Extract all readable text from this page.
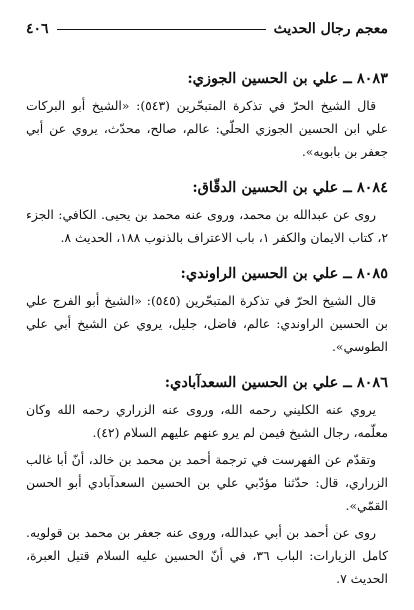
معجم رجال الحديث
٤٠٦
٨٠٨٣ ــ علي بن الحسين الجوزي:

قال الشيخ الحرّ في تذكرة المتبحّرين (٥٤٣): «الشيخ أبو البركات علي ابن الحسين الجوزي الحلّي: عالم، صالح، محدّث، يروي عن أبي جعفر بن بابويه».

٨٠٨٤ ــ علي بن الحسين الدقّاق:

روى عن عبدالله بن محمد، وروى عنه محمد بن يحيى. الكافي: الجزء ٢، كتاب الايمان والكفر ١، باب الاعتراف بالذنوب ١٨٨، الحديث ٨.

٨٠٨٥ ــ علي بن الحسين الراوندي:

قال الشيخ الحرّ في تذكرة المتبحّرين (٥٤٥): «الشيخ أبو الفرج علي بن الحسين الراوندي: عالم، فاضل، جليل، يروي عن الشيخ أبي علي الطوسي».

٨٠٨٦ ــ علي بن الحسين السعدآبادي:

يروي عنه الكليني رحمه الله، وروى عنه الزراري رحمه الله وكان معلّمه، رجال الشيخ فيمن لم يرو عنهم عليهم السلام (٤٢).

وتقدّم عن الفهرست في ترجمة أحمد بن محمد بن خالد، أنّ أبا غالب الزراري، قال: حدّثنا مؤدّبي علي بن الحسين السعدآبادي أبو الحسن القمّي».

روى عن أحمد بن أبي عبدالله، وروى عنه جعفر بن محمد بن قولويه. كامل الزيارات: الباب ٣٦، في أنّ الحسين عليه السلام قتيل العبرة، الحديث ٧.
